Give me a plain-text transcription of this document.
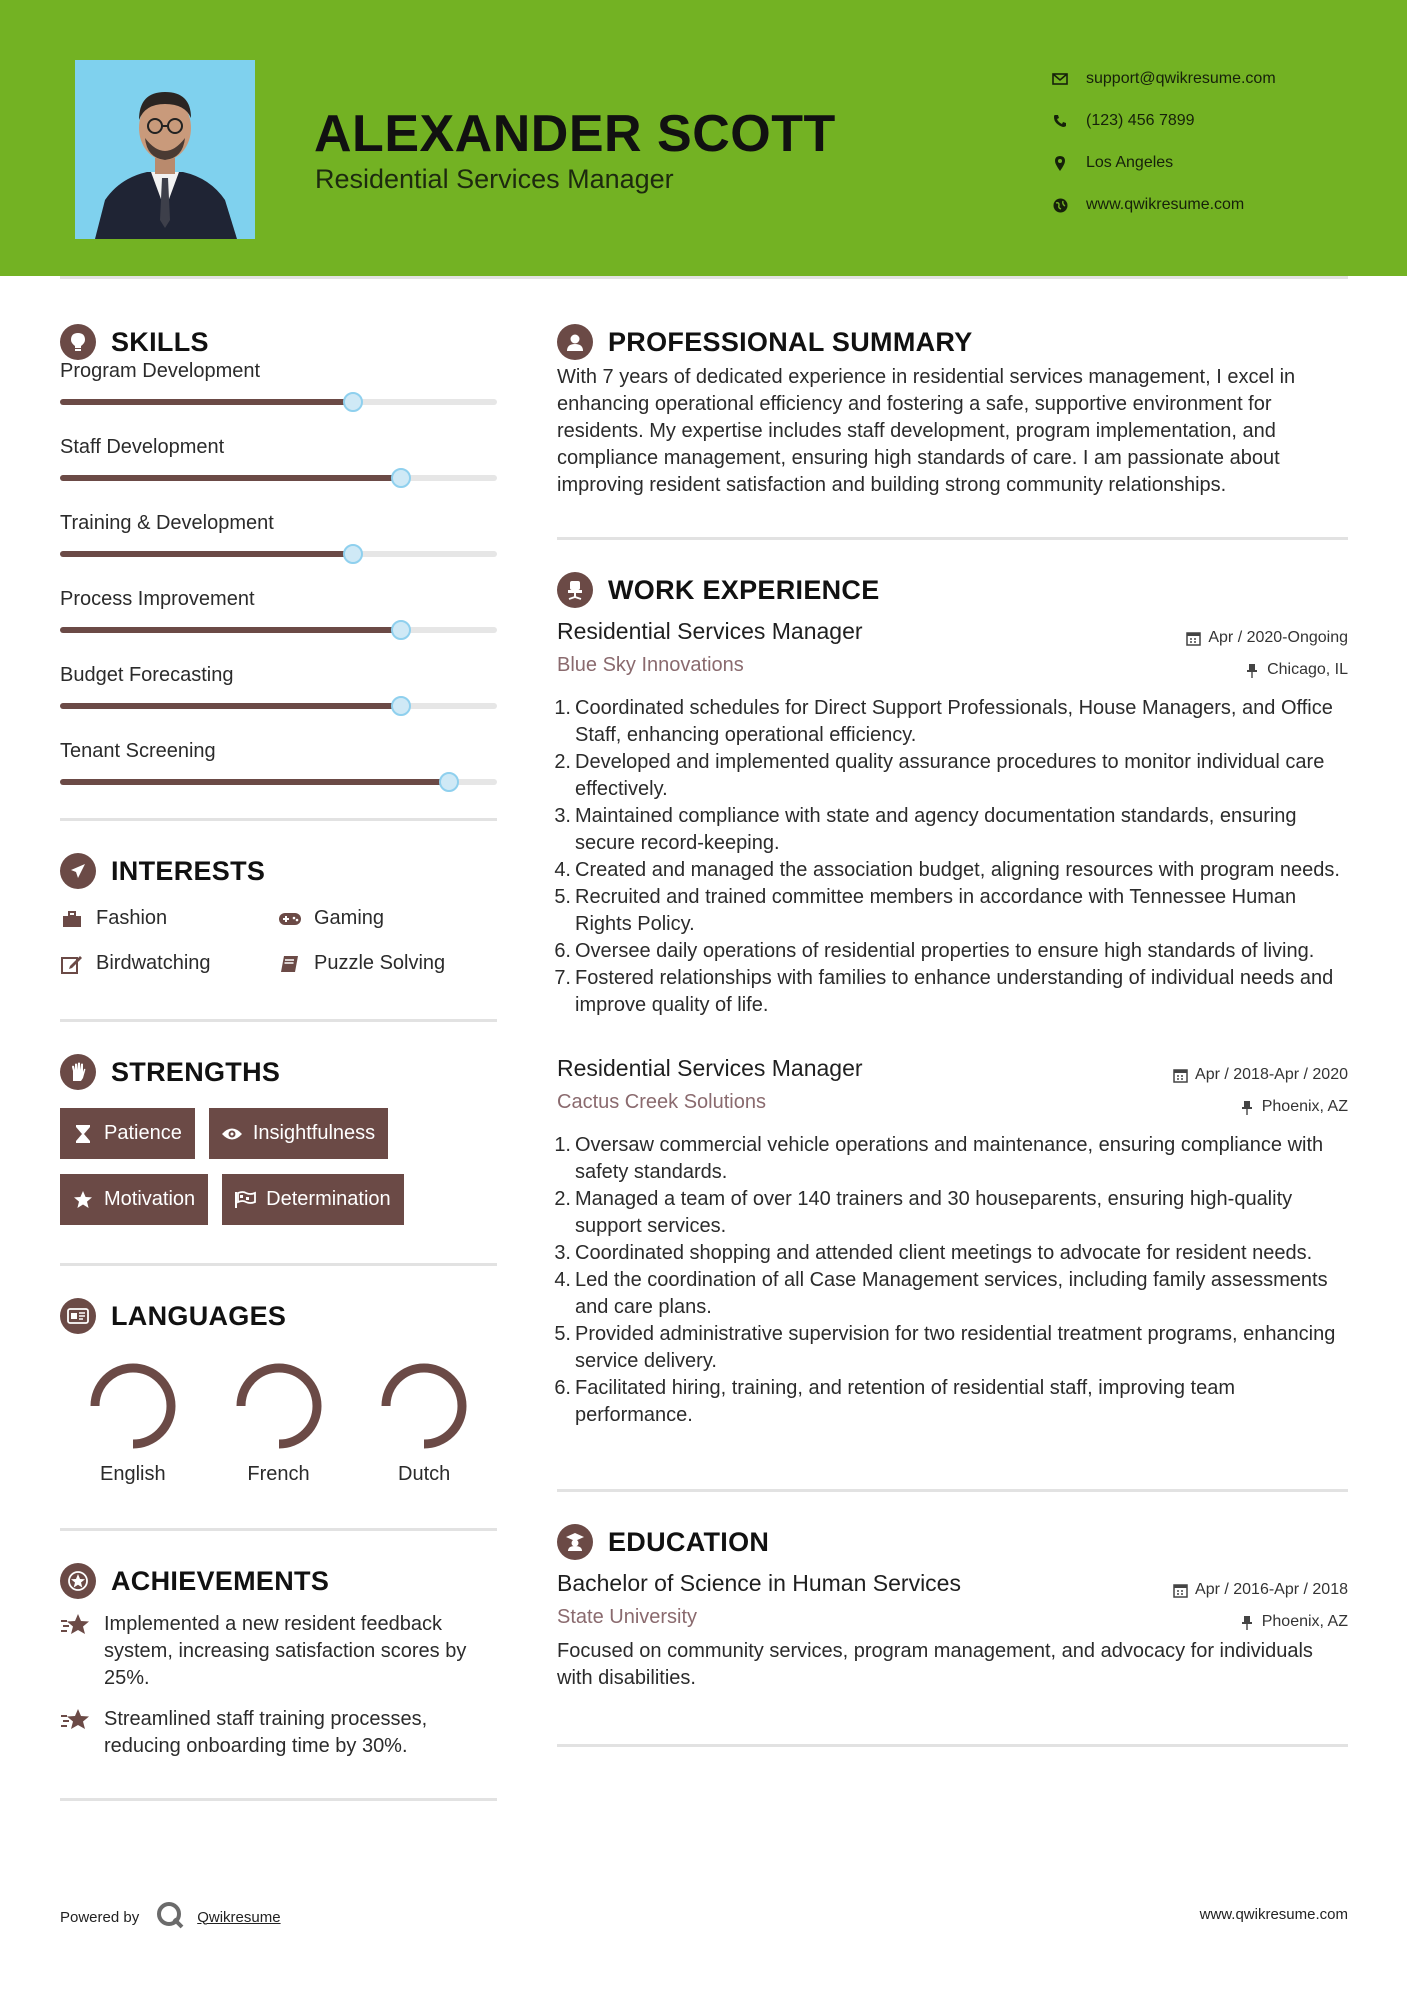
ALEXANDER SCOTT
Residential Services Manager
support@qwikresume.com
(123) 456 7899
Los Angeles
www.qwikresume.com
SKILLS
Program Development
Staff Development
Training & Development
Process Improvement
Budget Forecasting
Tenant Screening
INTERESTS
Fashion	Gaming
Birdwatching	Puzzle Solving
STRENGTHS
Patience	Insightfulness
Motivation	Determination
LANGUAGES
English	French	Dutch
ACHIEVEMENTS
Implemented a new resident feedback system, increasing satisfaction scores by 25%.
Streamlined staff training processes, reducing onboarding time by 30%.
PROFESSIONAL SUMMARY
With 7 years of dedicated experience in residential services management, I excel in enhancing operational efficiency and fostering a safe, supportive environment for residents. My expertise includes staff development, program implementation, and compliance management, ensuring high standards of care. I am passionate about improving resident satisfaction and building strong community relationships.
WORK EXPERIENCE
Residential Services Manager
Blue Sky Innovations
Apr / 2020-Ongoing
Chicago, IL
1. Coordinated schedules for Direct Support Professionals, House Managers, and Office Staff, enhancing operational efficiency.
2. Developed and implemented quality assurance procedures to monitor individual care effectively.
3. Maintained compliance with state and agency documentation standards, ensuring secure record-keeping.
4. Created and managed the association budget, aligning resources with program needs.
5. Recruited and trained committee members in accordance with Tennessee Human Rights Policy.
6. Oversee daily operations of residential properties to ensure high standards of living.
7. Fostered relationships with families to enhance understanding of individual needs and improve quality of life.
Residential Services Manager
Cactus Creek Solutions
Apr / 2018-Apr / 2020
Phoenix, AZ
1. Oversaw commercial vehicle operations and maintenance, ensuring compliance with safety standards.
2. Managed a team of over 140 trainers and 30 houseparents, ensuring high-quality support services.
3. Coordinated shopping and attended client meetings to advocate for resident needs.
4. Led the coordination of all Case Management services, including family assessments and care plans.
5. Provided administrative supervision for two residential treatment programs, enhancing service delivery.
6. Facilitated hiring, training, and retention of residential staff, improving team performance.
EDUCATION
Bachelor of Science in Human Services
State University
Apr / 2016-Apr / 2018
Phoenix, AZ
Focused on community services, program management, and advocacy for individuals with disabilities.
Powered by	Qwikresume	www.qwikresume.com
